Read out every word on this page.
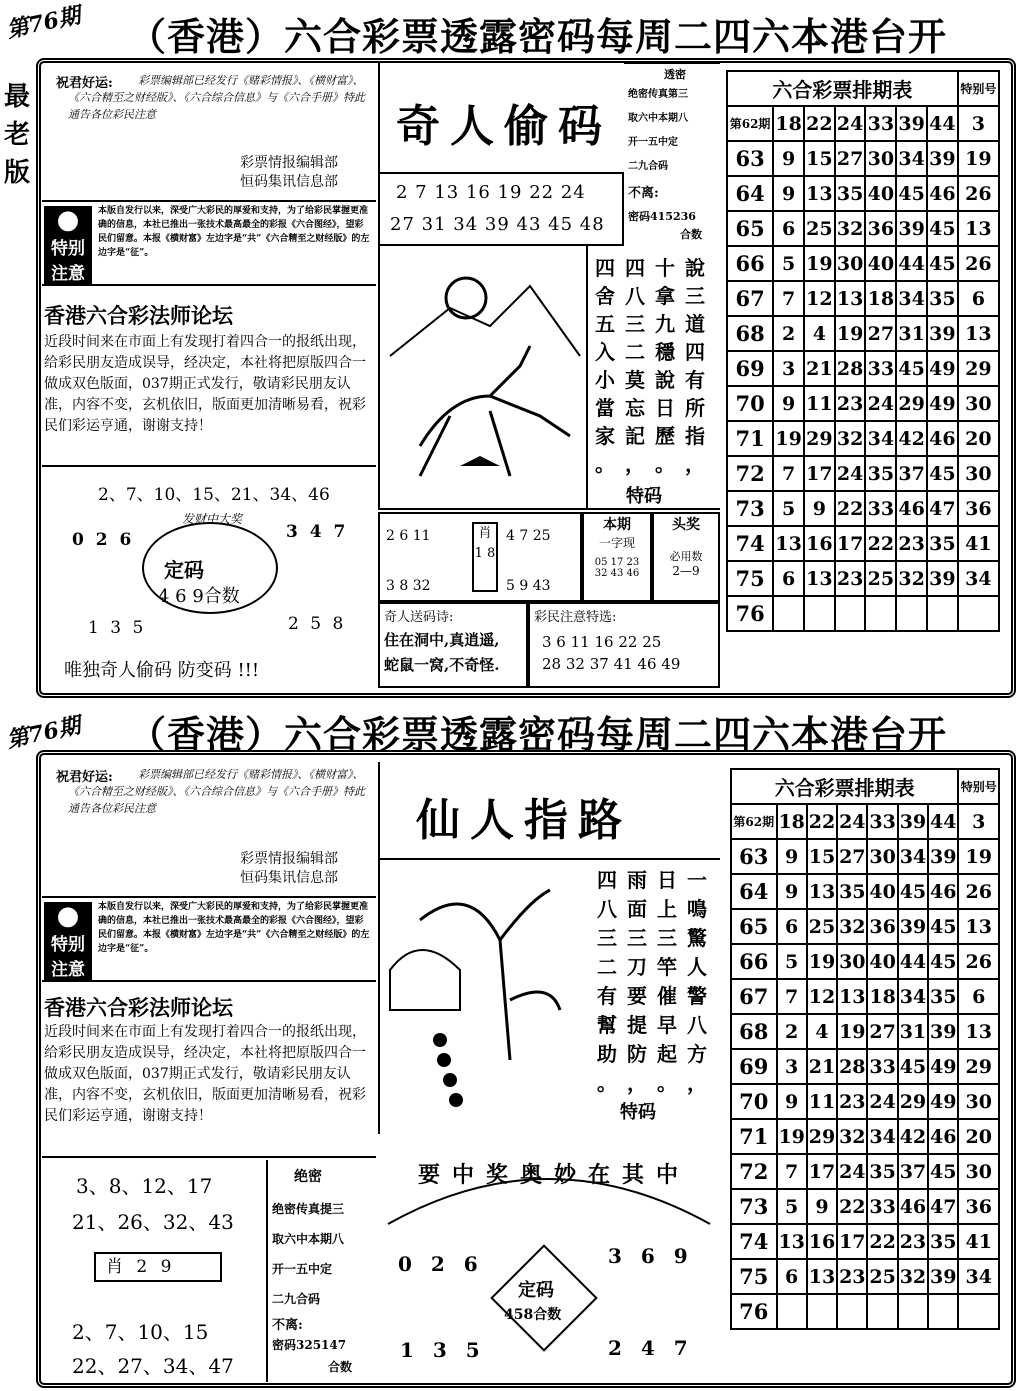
第76期 （香港）六合彩票透露密码每周二四六本港台开
最老版
祝君好运:	彩票编辑部已经发行《赌彩情报》、《横财富》、《六合精至之财经版》、《六合综合信息》与《六合手册》特此通告各位彩民注意
彩票情报编辑部
恒码集讯信息部
●
特别
注意
本版自发行以来，深受广大彩民的厚爱和支持，为了给彩民掌握更准确的信息，本社已推出一张技术最高最全的彩报《六合图经》，望彩民们留意。本报《横财富》左边字是“共”《六合精至之财经版》的左边字是“征”。
香港六合彩法师论坛
近段时间来在市面上有发现打着四合一的报纸出现，给彩民朋友造成误导，经决定，本社将把原版四合一做成双色版面，037期正式发行，敬请彩民朋友认准，内容不变，玄机依旧，版面更加清晰易看，祝彩民们彩运亨通，谢谢支持！
2、7、10、15、21、34、46
0 2 6	3 4 7
发财中大奖
定码
4 6 9合数
1 3 5	2 5 8
唯独奇人偷码 防变码 !!!
奇人偷码
2 7 13 16 19 22 24
27 31 34 39 43 45 48
透密
绝密传真第三
取六中本期八
开一五中定
二九合码
不离:
密码415236
合数
四 四 十 說
舍 八 拿 三
五 三 九 道
入 二 穩 四
小 莫 說 有
當 忘 日 所
家 記 歷 指
。 ， 。 ，
特码
2 6 11
3 8 32
肖
1 8
4 7 25
5 9 43
本期
一字现
05 17 23
32 43 46
头奖
必用数
2—9
奇人送码诗:
住在洞中,真逍遥,
蛇鼠一窝,不奇怪.
彩民注意特选:
3 6 11 16 22 25
28 32 37 41 46 49
六合彩票排期表							特别号
第62期	18	22	24	33	39	44	3
63	9	15	27	30	34	39	19
64	9	13	35	40	45	46	26
65	6	25	32	36	39	45	13
66	5	19	30	40	44	45	26
67	7	12	13	18	34	35	6
68	2	4	19	27	31	39	13
69	3	21	28	33	45	49	29
70	9	11	23	24	29	49	30
71	19	29	32	34	42	46	20
72	7	17	24	35	37	45	30
73	5	9	22	33	46	47	36
74	13	16	17	22	23	35	41
75	6	13	23	25	32	39	34
76							
第76期 （香港）六合彩票透露密码每周二四六本港台开
祝君好运:	彩票编辑部已经发行《赌彩情报》、《横财富》、《六合精至之财经版》、《六合综合信息》与《六合手册》特此通告各位彩民注意
彩票情报编辑部
恒码集讯信息部
●
特别
注意
本版自发行以来，深受广大彩民的厚爱和支持，为了给彩民掌握更准确的信息，本社已推出一张技术最高最全的彩报《六合图经》，望彩民们留意。本报《横财富》左边字是“共”《六合精至之财经版》的左边字是“征”。
香港六合彩法师论坛
近段时间来在市面上有发现打着四合一的报纸出现，给彩民朋友造成误导，经决定，本社将把原版四合一做成双色版面，037期正式发行，敬请彩民朋友认准，内容不变，玄机依旧，版面更加清晰易看，祝彩民们彩运亨通，谢谢支持！
3、8、12、17
21、26、32、43
肖 2 9
2、7、10、15
22、27、34、47
绝密
绝密传真提三
取六中本期八
开一五中定
二九合码
不离:
密码325147
合数
仙人指路
四 雨 日 一
八 面 上 鳴
三 三 三 驚
二 刀 竿 人
有 要 催 警
幫 提 早 八
助 防 起 方
。 ， 。 ，
特码
要中奖奥妙在其中
0 2 6	3 6 9
定码
458合数
1 3 5	2 4 7
六合彩票排期表							特别号
第62期	18	22	24	33	39	44	3
63	9	15	27	30	34	39	19
64	9	13	35	40	45	46	26
65	6	25	32	36	39	45	13
66	5	19	30	40	44	45	26
67	7	12	13	18	34	35	6
68	2	4	19	27	31	39	13
69	3	21	28	33	45	49	29
70	9	11	23	24	29	49	30
71	19	29	32	34	42	46	20
72	7	17	24	35	37	45	30
73	5	9	22	33	46	47	36
74	13	16	17	22	23	35	41
75	6	13	23	25	32	39	34
76							
